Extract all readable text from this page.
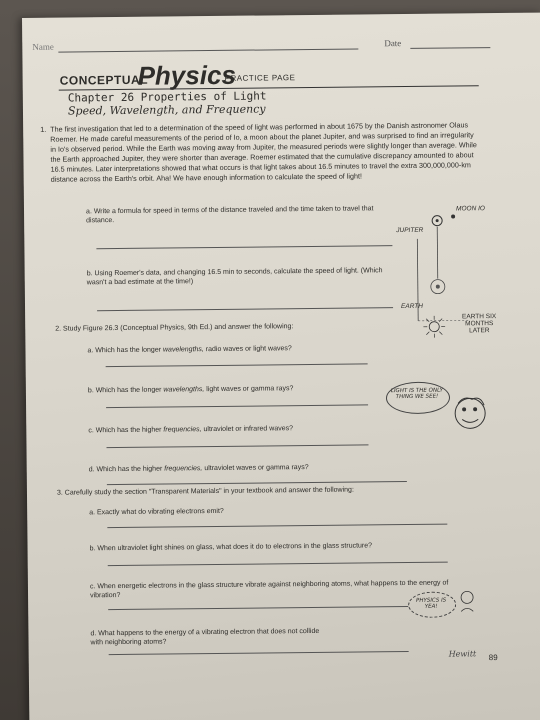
Name	Date
CONCEPTUAL
Physics
PRACTICE PAGE
Chapter 26 Properties of Light
Speed, Wavelength, and Frequency
1. The first investigation that led to a determination of the speed of light was performed in about 1675 by the Danish astronomer Olaus Roemer. He made careful measurements of the period of Io, a moon about the planet Jupiter, and was surprised to find an irregularity in Io's observed period. While the Earth was moving away from Jupiter, the measured periods were slightly longer than average. While the Earth approached Jupiter, they were shorter than average. Roemer estimated that the cumulative discrepancy amounted to about 16.5 minutes. Later interpretations showed that what occurs is that light takes about 16.5 minutes to travel the extra 300,000,000-km distance across the Earth's orbit. Aha! We have enough information to calculate the speed of light!
a. Write a formula for speed in terms of the distance traveled and the time taken to travel that distance.
b. Using Roemer's data, and changing 16.5 min to seconds, calculate the speed of light. (Which wasn't a bad estimate at the time!)
MOON IO
JUPITER
EARTH
EARTH SIX MONTHS LATER
2. Study Figure 26.3 (Conceptual Physics, 9th Ed.) and answer the following:
a. Which has the longer wavelengths, radio waves or light waves?
b. Which has the longer wavelengths, light waves or gamma rays?
c. Which has the higher frequencies, ultraviolet or infrared waves?
d. Which has the higher frequencies, ultraviolet waves or gamma rays?
LIGHT IS THE ONLY THING WE SEE!
3. Carefully study the section "Transparent Materials" in your textbook and answer the following:
a. Exactly what do vibrating electrons emit?
b. When ultraviolet light shines on glass, what does it do to electrons in the glass structure?
c. When energetic electrons in the glass structure vibrate against neighboring atoms, what happens to the energy of vibration?
d. What happens to the energy of a vibrating electron that does not collide with neighboring atoms?
PHYSICS IS YEA!
Hewitt 89
